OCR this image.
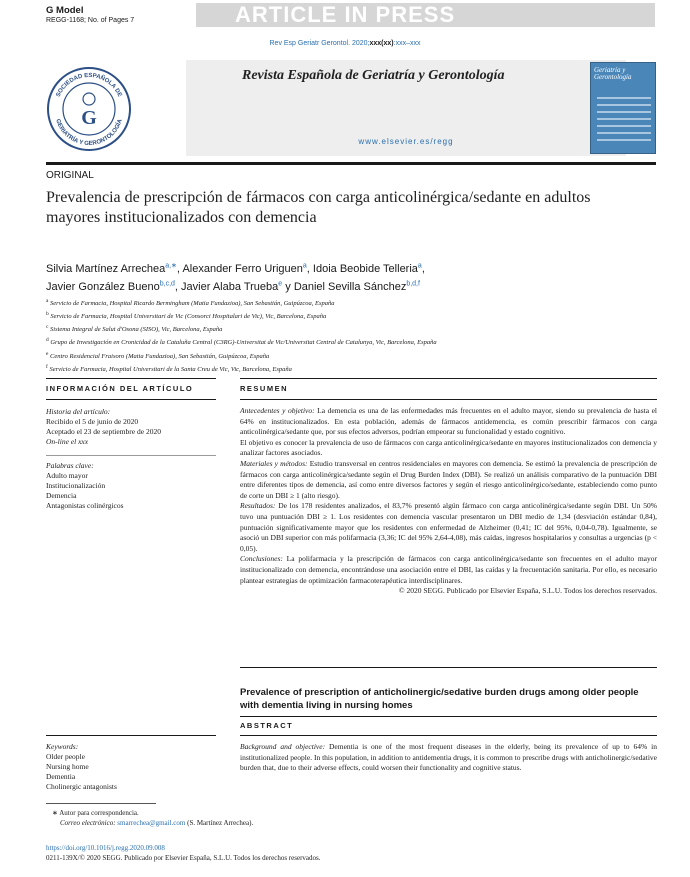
G Model
REGG-1168; No. of Pages 7	ARTICLE IN PRESS
Rev Esp Geriatr Gerontol. 2020;xxx(xx):xxx–xxx
SOCIEDAD ESPAÑOLA DE
GERIATRÍA Y GERONTOLOGÍA
G
Revista Española de Geriatría y Gerontología
www.elsevier.es/regg
Geriatría y Gerontología
ORIGINAL
Prevalencia de prescripción de fármacos con carga anticolinérgica/sedante en adultos mayores institucionalizados con demencia
Silvia Martínez Arrechea$^{a,∗}$, Alexander Ferro Uriguen$^a$, Idoia Beobide Telleria$^a$,
Javier González Bueno$^{b,c,d}$, Javier Alaba Trueba$^e$ y Daniel Sevilla Sánchez$^{b,d,f}$
$^a$ Servicio de Farmacia, Hospital Ricardo Bermingham (Matia Fundazioa), San Sebastián, Guipúzcoa, España
$^b$ Servicio de Farmacia, Hospital Universitari de Vic (Consorci Hospitalari de Vic), Vic, Barcelona, España
$^c$ Sistema Integral de Salut d'Osona (SISO), Vic, Barcelona, España
$^d$ Grupo de Investigación en Cronicidad de la Cataluña Central (C3RG)-Universitat de Vic/Universitat Central de Catalunya, Vic, Barcelona, España
$^e$ Centro Residencial Fraisoro (Matia Fundazioa), San Sebastián, Guipúzcoa, España
$^f$ Servicio de Farmacia, Hospital Universitari de la Santa Creu de Vic, Vic, Barcelona, España
INFORMACIÓN DEL ARTÍCULO	RESUMEN
Historia del artículo:
Recibido el 5 de junio de 2020
Aceptado el 23 de septiembre de 2020
On-line el xxx
Palabras clave:
Adulto mayor
Institucionalización
Demencia
Antagonistas colinérgicos
Antecedentes y objetivo: La demencia es una de las enfermedades más frecuentes en el adulto mayor, siendo su prevalencia de hasta el 64% en institucionalizados. En esta población, además de fármacos antidemencia, es común prescribir fármacos con carga anticolinérgica/sedante que, por sus efectos adversos, podrían empeorar su funcionalidad y estado cognitivo.
El objetivo es conocer la prevalencia de uso de fármacos con carga anticolinérgica/sedante en mayores institucionalizados con demencia y analizar factores asociados.
Materiales y métodos: Estudio transversal en centros residenciales en mayores con demencia. Se estimó la prevalencia de prescripción de fármacos con carga anticolinérgica/sedante según el Drug Burden Index (DBI). Se realizó un análisis comparativo de la puntuación DBI entre diferentes tipos de demencia, así como entre diversos factores y según el riesgo anticolinérgico/sedante, estableciendo como punto de corte un DBI ≥ 1 (alto riesgo).
Resultados: De los 178 residentes analizados, el 83,7% presentó algún fármaco con carga anticolinérgica/sedante según DBI. Un 50% tuvo una puntuación DBI ≥ 1. Los residentes con demencia vascular presentaron un DBI medio de 1,34 (desviación estándar 0,84), puntuación significativamente mayor que los residentes con enfermedad de Alzheimer (0,41; IC del 95%, 0,04-0,78). Igualmente, se asoció un DBI superior con más polifarmacia (3,36; IC del 95% 2,64-4,08), más caídas, ingresos hospitalarios y consultas a urgencias (p < 0,05).
Conclusiones: La polifarmacia y la prescripción de fármacos con carga anticolinérgica/sedante son frecuentes en el adulto mayor institucionalizado con demencia, encontrándose una asociación entre el DBI, las caídas y la frecuentación sanitaria. Por ello, es necesario plantear estrategias de optimización farmacoterapéutica interdisciplinares.
© 2020 SEGG. Publicado por Elsevier España, S.L.U. Todos los derechos reservados.
Prevalence of prescription of anticholinergic/sedative burden drugs among older people with dementia living in nursing homes
ABSTRACT
Background and objective: Dementia is one of the most frequent diseases in the elderly, being its prevalence of up to 64% in institutionalized people. In this population, in addition to antidementia drugs, it is common to prescribe drugs with anticholinergic/sedative burden that, due to their adverse effects, could worsen their functionality and cognitive status.
Keywords:
Older people
Nursing home
Dementia
Cholinergic antagonists
∗ Autor para correspondencia.
Correo electrónico: smarrechea@gmail.com (S. Martínez Arrechea).
https://doi.org/10.1016/j.regg.2020.09.008
0211-139X/© 2020 SEGG. Publicado por Elsevier España, S.L.U. Todos los derechos reservados.
